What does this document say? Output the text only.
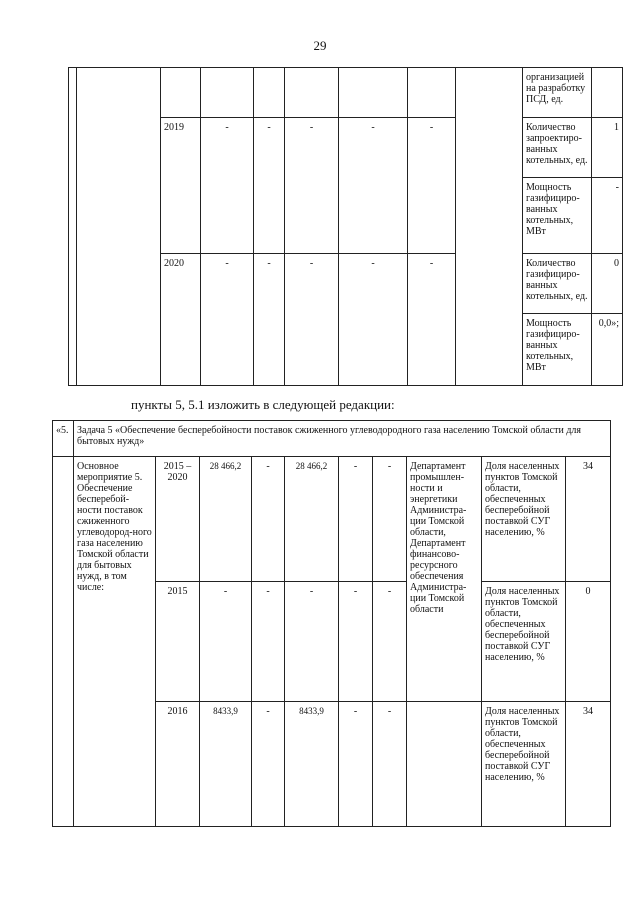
29
									организацией на разработку ПСД, ед.	
		2019	-	-	-	-	-		Количество запроектиро-ванных котельных, ед.	1
									Мощность газифициро-ванных котельных, МВт	-
		2020	-	-	-	-	-		Количество газифициро-ванных котельных, ед.	0
									Мощность газифициро-ванных котельных, МВт	0,0»;
пункты 5, 5.1 изложить в следующей редакции:
«5.	Задача 5 «Обеспечение бесперебойности поставок сжиженного углеводородного газа населению Томской области для бытовых нужд»									
	Основное мероприятие 5. Обеспечение бесперебой-ности поставок сжиженного углеводород-ного газа населению Томской области для бытовых нужд, в том числе:	2015 – 2020	28 466,2	-	28 466,2	-	-	Департамент промышлен-ности и энергетики Администра-ции Томской области, Департамент финансово-ресурсного обеспечения Администра-ции Томской области	Доля населенных пунктов Томской области, обеспеченных бесперебойной поставкой СУГ населению, %	34
		2015	-	-	-	-	-		Доля населенных пунктов Томской области, обеспеченных бесперебойной поставкой СУГ населению, %	0
		2016	8433,9	-	8433,9	-	-		Доля населенных пунктов Томской области, обеспеченных бесперебойной поставкой СУГ населению, %	34
